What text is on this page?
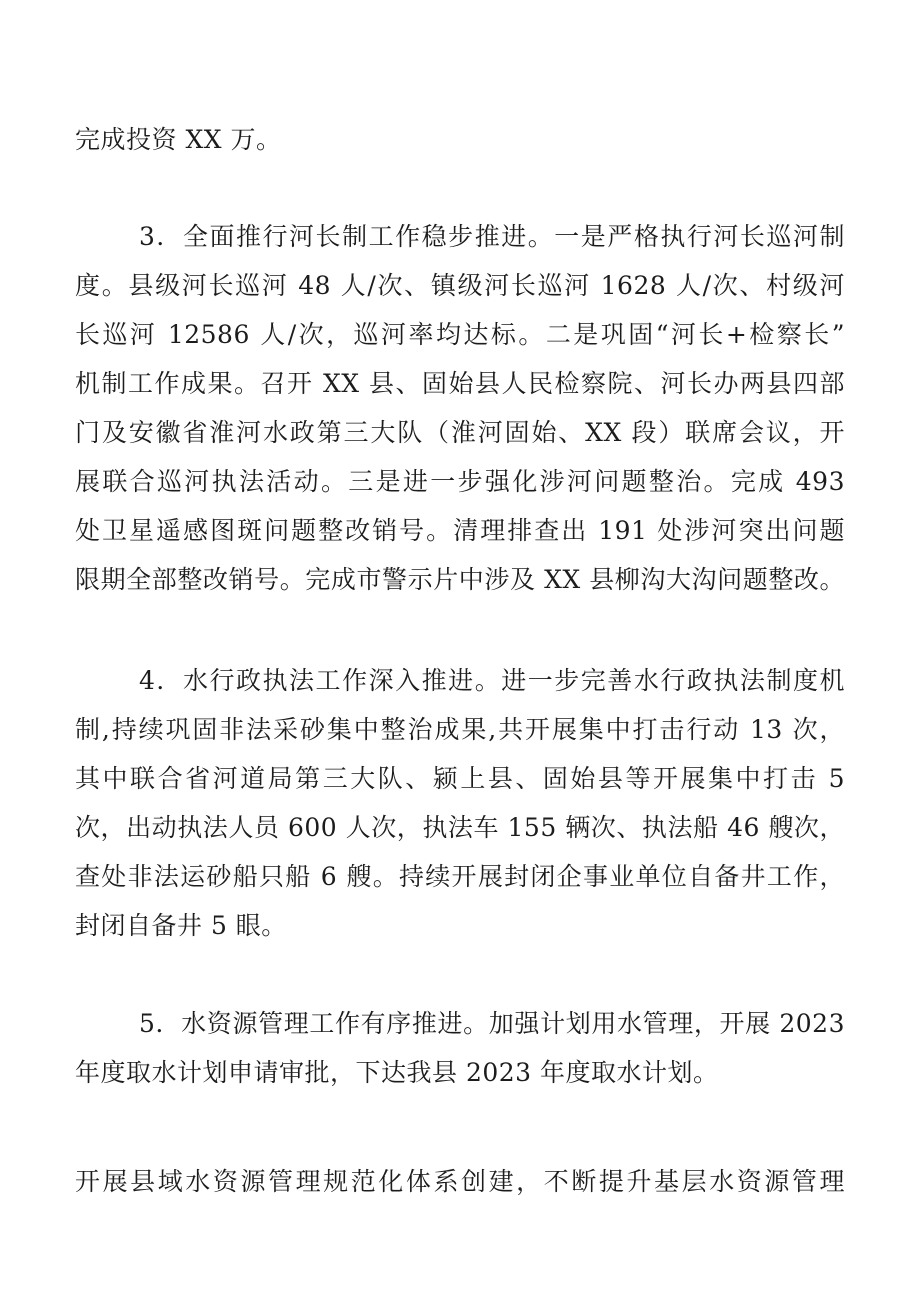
完成投资 XX 万。
3．全面推行河长制工作稳步推进。一是严格执行河长巡河制
度。县级河长巡河 48 人/次、镇级河长巡河 1628 人/次、村级河
长巡河 12586 人/次，巡河率均达标。二是巩固“河长+检察长”
机制工作成果。召开 XX 县、固始县人民检察院、河长办两县四部
门及安徽省淮河水政第三大队（淮河固始、XX 段）联席会议，开
展联合巡河执法活动。三是进一步强化涉河问题整治。完成 493
处卫星遥感图斑问题整改销号。清理排查出 191 处涉河突出问题
限期全部整改销号。完成市警示片中涉及 XX 县柳沟大沟问题整改。
4．水行政执法工作深入推进。进一步完善水行政执法制度机
制,持续巩固非法采砂集中整治成果,共开展集中打击行动 13 次，
其中联合省河道局第三大队、颍上县、固始县等开展集中打击 5
次，出动执法人员 600 人次，执法车 155 辆次、执法船 46 艘次，
查处非法运砂船只船 6 艘。持续开展封闭企事业单位自备井工作，
封闭自备井 5 眼。
5．水资源管理工作有序推进。加强计划用水管理，开展 2023
年度取水计划申请审批，下达我县 2023 年度取水计划。
开展县域水资源管理规范化体系创建，不断提升基层水资源管理
